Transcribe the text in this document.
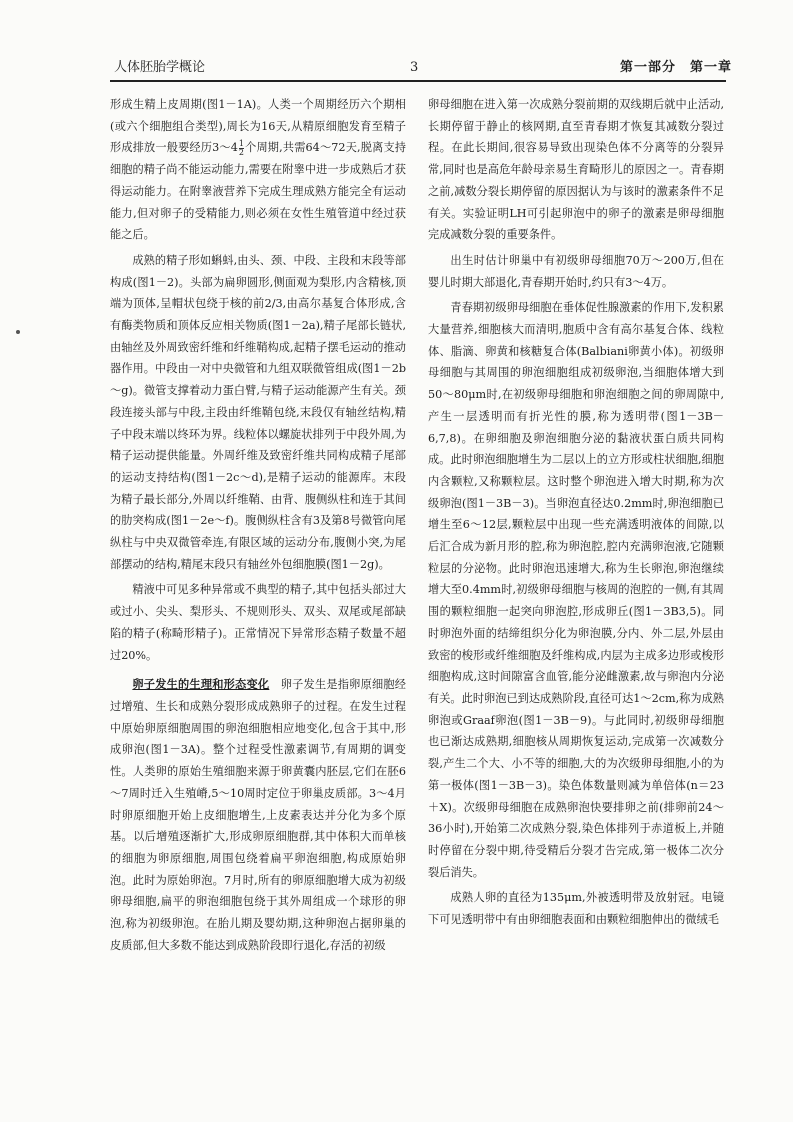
人体胚胎学概论	3	第一部分　第一章

形成生精上皮周期(图1－1A)。人类一个周期经历六个期相(或六个细胞组合类型),周长为16天,从精原细胞发育至精子形成排放一般要经历3～4 $\frac{1}{2}$ 个周期,共需64～72天,脱离支持细胞的精子尚不能运动能力,需要在附睾中进一步成熟后才获得运动能力。在附睾液营养下完成生理成熟方能完全有运动能力,但对卵子的受精能力,则必须在女性生殖管道中经过获能之后。

成熟的精子形如蝌蚪,由头、颈、中段、主段和末段等部构成(图1－2)。头部为扁卵圆形,侧面观为梨形,内含精核,顶端为顶体,呈帽状包绕于核的前2/3,由高尔基复合体形成,含有酶类物质和顶体反应相关物质(图1－2a),精子尾部长链状,由轴丝及外周致密纤维和纤维鞘构成,起精子摆毛运动的推动器作用。中段由一对中央微管和九组双联微管组成(图1－2b～g)。微管支撑着动力蛋白臂,与精子运动能源产生有关。颈段连接头部与中段,主段由纤维鞘包绕,末段仅有轴丝结构,精子中段末端以终环为界。线粒体以螺旋状排列于中段外周,为精子运动提供能量。外周纤维及致密纤维共同构成精子尾部的运动支持结构(图1－2c～d),是精子运动的能源库。末段为精子最长部分,外周以纤维鞘、由背、腹侧纵柱和连于其间的肋突构成(图1－2e～f)。腹侧纵柱含有3及第8号微管向尾纵柱与中央双微管牵连,有限区域的运动分布,腹侧小突,为尾部摆动的结构,精尾末段只有轴丝外包细胞膜(图1－2g)。

精液中可见多种异常或不典型的精子,其中包括头部过大或过小、尖头、梨形头、不规则形头、双头、双尾或尾部缺陷的精子(称畸形精子)。正常情况下异常形态精子数量不超过20%。

卵子发生的生理和形态变化　 卵子发生是指卵原细胞经过增殖、生长和成熟分裂形成成熟卵子的过程。在发生过程中原始卵原细胞周围的卵泡细胞相应地变化,包含于其中,形成卵泡(图1－3A)。整个过程受性激素调节,有周期的调变性。人类卵的原始生殖细胞来源于卵黄囊内胚层,它们在胚6～7周时迁入生殖嵴,5～10周时定位于卵巢皮质部。3～4月时卵原细胞开始上皮细胞增生,上皮素表达并分化为多个原基。以后增殖逐渐扩大,形成卵原细胞群,其中体积大而单核的细胞为卵原细胞,周围包绕着扁平卵泡细胞,构成原始卵泡。此时为原始卵泡。7月时,所有的卵原细胞增大成为初级卵母细胞,扁平的卵泡细胞包绕于其外周组成一个球形的卵泡,称为初级卵泡。在胎儿期及婴幼期,这种卵泡占据卵巢的皮质部,但大多数不能达到成熟阶段即行退化,存活的初级

卵母细胞在进入第一次成熟分裂前期的双线期后就中止活动,长期停留于静止的核网期,直至青春期才恢复其减数分裂过程。在此长期间,很容易导致出现染色体不分离等的分裂异常,同时也是高危年龄母亲易生育畸形儿的原因之一。青春期之前,减数分裂长期停留的原因据认为与该时的激素条件不足有关。实验证明LH可引起卵泡中的卵子的激素是卵母细胞完成减数分裂的重要条件。

出生时估计卵巢中有初级卵母细胞70万～200万,但在婴儿时期大部退化,青春期开始时,约只有3～4万。

青春期初级卵母细胞在垂体促性腺激素的作用下,发积累大量营养,细胞核大而清明,胞质中含有高尔基复合体、线粒体、脂滴、卵黄和核糖复合体(Balbiani卵黄小体)。初级卵母细胞与其周围的卵泡细胞组成初级卵泡,当细胞体增大到50～80μm时,在初级卵母细胞和卵泡细胞之间的卵周隙中,产生一层透明而有折光性的膜,称为透明带(图1－3B－6,7,8)。在卵细胞及卵泡细胞分泌的黏液状蛋白质共同构成。此时卵泡细胞增生为二层以上的立方形或柱状细胞,细胞内含颗粒,又称颗粒层。这时整个卵泡进入增大时期,称为次级卵泡(图1－3B－3)。当卵泡直径达0.2mm时,卵泡细胞已增生至6～12层,颗粒层中出现一些充满透明液体的间隙,以后汇合成为新月形的腔,称为卵泡腔,腔内充满卵泡液,它随颗粒层的分泌物。此时卵泡迅速增大,称为生长卵泡,卵泡继续增大至0.4mm时,初级卵母细胞与核周的泡腔的一侧,有其周围的颗粒细胞一起突向卵泡腔,形成卵丘(图1－3B3,5)。同时卵泡外面的结缔组织分化为卵泡膜,分内、外二层,外层由致密的梭形或纤维细胞及纤维构成,内层为主成多边形或梭形细胞构成,这时间隙富含血管,能分泌雌激素,故与卵泡内分泌有关。此时卵泡已到达成熟阶段,直径可达1～2cm,称为成熟卵泡或Graaf卵泡(图1－3B－9)。与此同时,初级卵母细胞也已渐达成熟期,细胞核从周期恢复运动,完成第一次减数分裂,产生二个大、小不等的细胞,大的为次级卵母细胞,小的为第一极体(图1－3B－3)。染色体数量则减为单倍体(n＝23＋X)。次级卵母细胞在成熟卵泡快要排卵之前(排卵前24～36小时),开始第二次成熟分裂,染色体排列于赤道板上,并随时停留在分裂中期,待受精后分裂才告完成,第一极体二次分裂后消失。

成熟人卵的直径为135μm,外被透明带及放射冠。电镜下可见透明带中有由卵细胞表面和由颗粒细胞伸出的微绒毛
